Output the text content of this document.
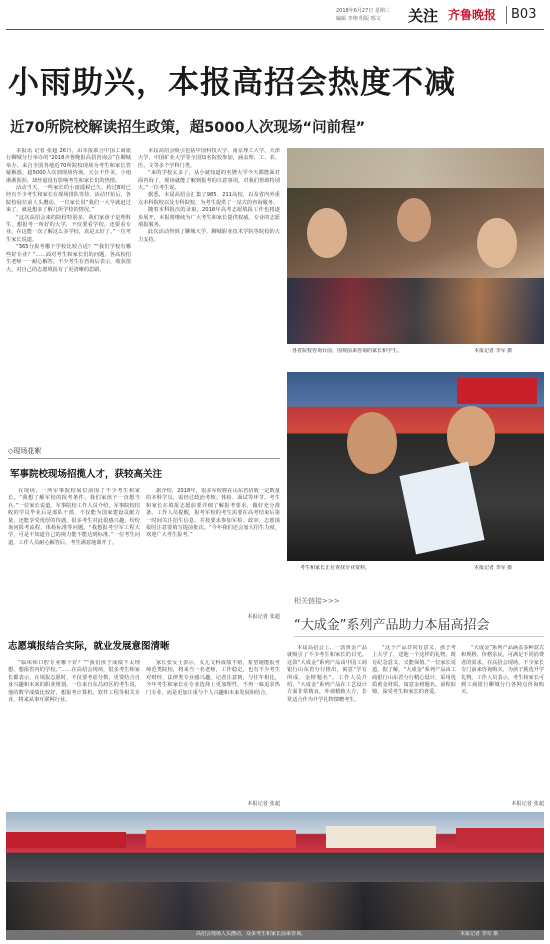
2018年6月27日 星期三
编辑 李翔 组版 邢文 关注 齐鲁晚报 B03
小雨助兴，本报高招会热度不减
近70所院校解读招生政策，超5000人次现场“问前程”

本报讯 记者 张超 26日，由本报联合中国工商银行聊城分行举办的“2018齐鲁晚报高招咨询会”在聊城举办。来自全国各地近70所院校现场为考生和家长答疑解惑，超5000人次到现场咨询。天公不作美，小雨淅淅沥沥，却丝毫没有影响考生和家长们的热情。

活动当天，一些家长的小雨遥候已久，约过8时已经有不少考生和家长在现场排队等待。活动开始后，各院校展位前人头攒动，一位家长说“我们一大早就赶过来了，就是想多了解几所学校的情况。”

“这次高招会来的院校特别多，我们家孩子是理科生，想报考一所好的大学，不仅要看学校，还要看专业，在这能一次了解这么多学校，真是太好了。”一位考生家长说道。

“365分报考哪个学校比较合适？”“我们学校有哪些好专业？”……面对考生和家长们的问题，各高校招生老师一一耐心解答。不少考生在咨询后表示，收获很大，对自己的志愿填报有了更清晰的思路。

本届高招会吸引包括中国科技大学、南京理工大学、天津大学、中国矿业大学等全国知名院校参加，涵盖理、工、农、医、文等多个学科门类。

“来的学校太多了，从小就知道的名牌大学今天都能面对面咨询了，现场就能了解到报考的注意事项，对我们帮助特别大。”一位考生说。

据悉，本届高招会汇集了985、211高校，以及省内外重点本科院校以及专科院校，为考生提供了一站式的咨询服务。

随着本科批次的录取，2018年高考志愿填报工作也将逐步展开，本报将继续为广大考生和家长提供权威、专业的志愿填报服务。

此次活动得到了聊城大学、聊城职业技术学院等院校的大力支持。

各省院校咨询台前，围观前来咨询的家长和学生。	本报记者 李军 摄
考生和家长正在查找专业资料。	本报记者 李军 摄
◇现场花絮
军事院校现场招揽人才，获较高关注
在现场，一所军事院校展位前围了不少考生和家长。“我想了解军校的报考条件，我们家孩子一直想当兵。”一位家长说道。军事院校工作人员介绍，军事院校招收的学员毕业后是部队干部，不仅能为国家建设贡献力量，还能享受优厚的待遇。很多考生对此很感兴趣，纷纷询问报考流程、体检标准等问题。“我想报考空军工程大学，可是不知道自己的视力能不能达到标准。”一位考生问道。工作人员耐心解答后，考生满意地离开了。
据介绍，2018年，很多军校将在山东省招收一定数量的本科学员，需经过政治考核、体检、面试等环节。考生和家长在填报志愿前要详细了解报考要求，做好充分准备。工作人员提醒，报考军校的考生需要在高考结束后第一时间关注招生信息，并按要求参加军检、政审，志愿填报时注意要填写提前批次。“今年我们还会加大招生力度，欢迎广大考生报考。”
本报记者 张超
志愿填报结合实际，就业发展意图清晰
“临床和口腔专业哪个好？”“我们孩子成绩不太理想，想报省内的学校。”……在高招会现场，很多考生和家长都表示，在填报志愿时，不仅要考虑分数，更要结合自身兴趣和未来的职业规划。一位来自东昌府区的考生说，他的数学成绩比较好，想报考计算机、软件工程等相关专业，将来从事互联网行业。
家长张女士表示，女儿文科成绩不错，希望她能报考师范类院校，将来当一名老师，工作稳定。也有不少考生对财经、法律类专业感兴趣。记者注意到，与往年相比，今年考生和家长在专业选择上更加理性，不再一味追求热门专业，而是更加注重与个人兴趣和未来发展相结合。
相关链接>>>
“大成金”系列产品助力本届高招会
本届高招会上，一款黄金产品就吸引了不少考生和家长的目光。这款“大成金”系列产品由中国工商银行山东省分行推出，寓意“学有所成、金榜题名”。工作人员介绍，“大成金”系列产品在工艺设计方面非常精良，外观精致大方，非常适合作为升学礼物馈赠考生。
“这个产品非常有意义，孩子考上大学了，送他一个这样的礼物，既有纪念意义，又能保值。”一位家长说道。据了解，“大成金”系列产品由工商银行山东省分行精心设计，采用优质黄金材质，寓意金榜题名、前程似锦，深受考生和家长的喜爱。
“大成金”系列产品涵盖多种款式和规格，价格亲民，可满足不同消费者的需求。在高招会现场，不少家长专门前来咨询购买，为孩子挑选升学礼物。工作人员表示，考生和家长可到工商银行聊城分行各网点咨询购买。
本报记者 张超	本报记者 张超
高招会现场人头攒动，众多考生和家长前来咨询。	本报记者 李军 摄
